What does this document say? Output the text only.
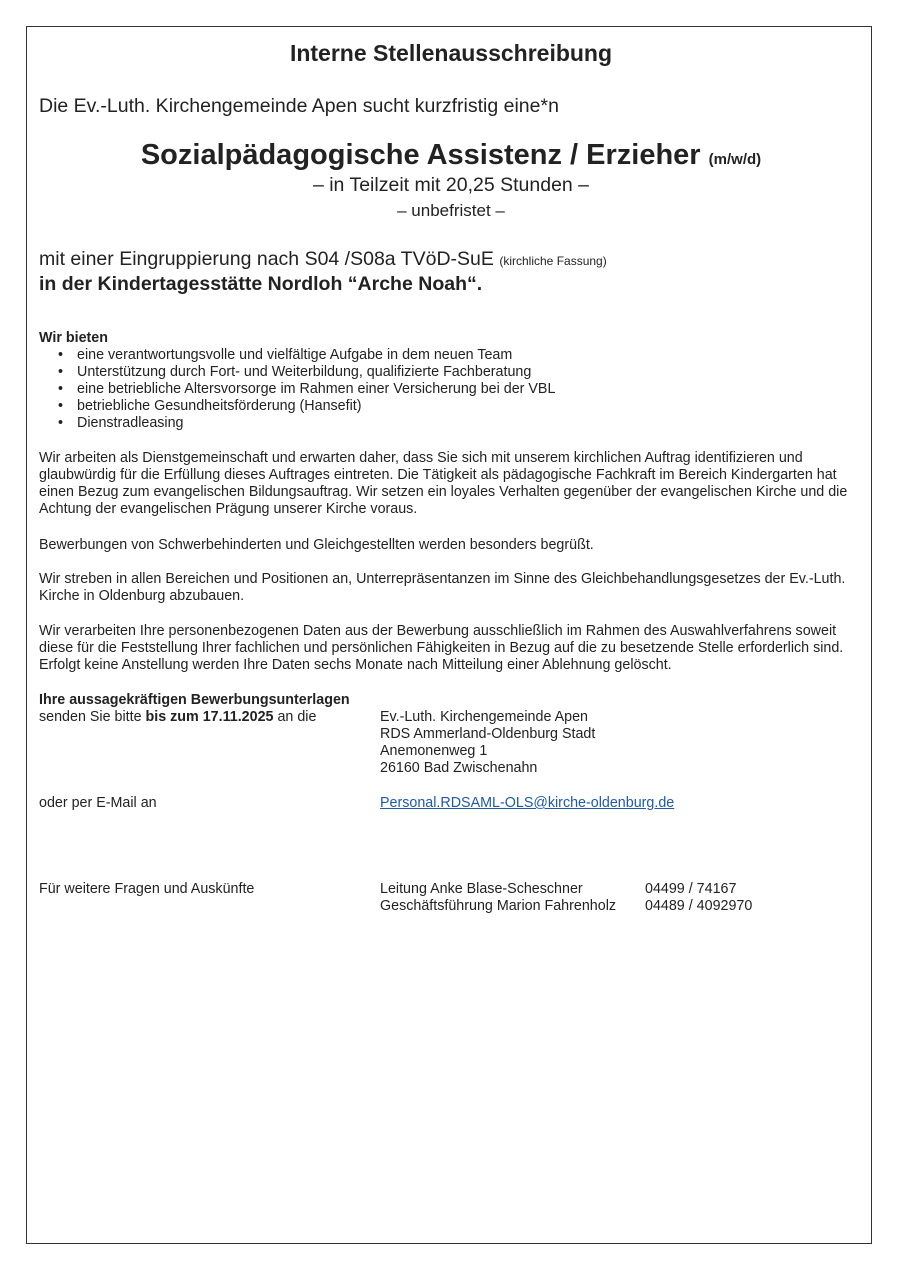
Interne Stellenausschreibung
Die Ev.-Luth. Kirchengemeinde Apen sucht kurzfristig eine*n
Sozialpädagogische Assistenz / Erzieher (m/w/d)
– in Teilzeit mit 20,25 Stunden –
– unbefristet –
mit einer Eingruppierung nach S04 /S08a TVöD-SuE (kirchliche Fassung)
in der Kindertagesstätte Nordloh “Arche Noah“.
Wir bieten
• eine verantwortungsvolle und vielfältige Aufgabe in dem neuen Team
• Unterstützung durch Fort- und Weiterbildung, qualifizierte Fachberatung
• eine betriebliche Altersvorsorge im Rahmen einer Versicherung bei der VBL
• betriebliche Gesundheitsförderung (Hansefit)
• Dienstradleasing

Wir arbeiten als Dienstgemeinschaft und erwarten daher, dass Sie sich mit unserem kirchlichen Auftrag identifizieren und glaubwürdig für die Erfüllung dieses Auftrages eintreten. Die Tätigkeit als pädagogische Fachkraft im Bereich Kindergarten hat einen Bezug zum evangelischen Bildungsauftrag. Wir setzen ein loyales Verhalten gegenüber der evangelischen Kirche und die Achtung der evangelischen Prägung unserer Kirche voraus.

Bewerbungen von Schwerbehinderten und Gleichgestellten werden besonders begrüßt.

Wir streben in allen Bereichen und Positionen an, Unterrepräsentanzen im Sinne des Gleichbehandlungsgesetzes der Ev.-Luth. Kirche in Oldenburg abzubauen.

Wir verarbeiten Ihre personenbezogenen Daten aus der Bewerbung ausschließlich im Rahmen des Auswahlverfahrens soweit diese für die Feststellung Ihrer fachlichen und persönlichen Fähigkeiten in Bezug auf die zu besetzende Stelle erforderlich sind. Erfolgt keine Anstellung werden Ihre Daten sechs Monate nach Mitteilung einer Ablehnung gelöscht.

Ihre aussagekräftigen Bewerbungsunterlagen
senden Sie bitte bis zum 17.11.2025 an die	Ev.-Luth. Kirchengemeinde Apen
RDS Ammerland-Oldenburg Stadt
Anemonenweg 1
26160 Bad Zwischenahn
oder per E-Mail an	Personal.RDSAML-OLS@kirche-oldenburg.de
Für weitere Fragen und Auskünfte	Leitung Anke Blase-Scheschner	04499 / 74167
Geschäftsführung Marion Fahrenholz	04489 / 4092970
